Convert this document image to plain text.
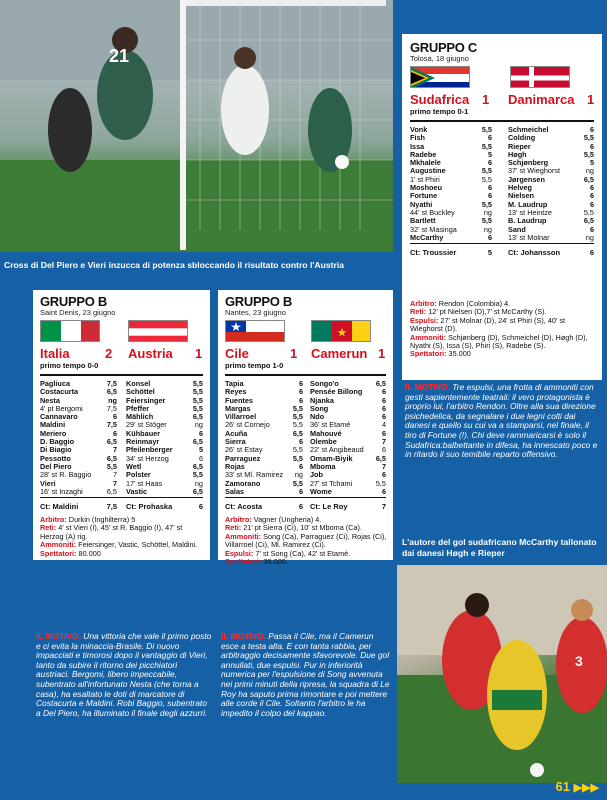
21
Cross di Del Piero e Vieri inzucca di potenza sbloccando il risultato contro l'Austria
GRUPPO C
Tolosa, 18 giugno
Sudafrica 1 Danimarca 1
primo tempo 0-1
Vonk	5,5
Fish	6
Issa	5,5
Radebe	5
Mkhalele	6
Augustine	5,5
1' st Phiri	5,5
Moshoeu	6
Fortune	6
Nyathi	5,5
44' st Buckley	ng
Bartlett	5,5
32' st Masinga	ng
McCarthy	6
Schmeichel	6
Colding	5,5
Rieper	6
Høgh	5,5
Schjønberg	5
37' st Wieghorst	ng
Jørgensen	6,5
Helveg	6
Nielsen	6
M. Laudrup	6
13' st Heintze	5,5
B. Laudrup	6,5
Sand	6
13' st Molnar	ng
Ct: Troussier	5 Ct: Johansson	6
Arbitro: Rendon (Colombia) 4.
Reti: 12' pt Nielsen (D),7' st McCarthy (S).
Espulsi: 27' st Molnar (D), 24' st Phiri (S), 40' st Wieghorst (D).
Ammoniti: Schjønberg (D), Schmeichel (D), Høgh (D), Nyathi (S), Issa (S), Phiri (S), Radebe (S).
Spettatori: 35.000
IL MOTIVO. Tre espulsi, una frotta di ammoniti con gesti sapientemente teatrali: il vero protagonista è proprio lui, l'arbitro Rendon. Oltre alla sua direzione psichedelica, da segnalare i due legni colti dai danesi e quello su cui va a stamparsi, nel finale, il tiro di Fortune (!). Chi deve rammaricarsi è solo il Sudafrica:balbettante in difesa, ha innescato poco e in ritardo il suo temibile reparto offensivo.
GRUPPO B
Saint Denis, 23 giugno
Italia	2 Austria 1
primo tempo 0-0
Pagliuca	7,5
Costacurta	6,5
Nesta	ng
4' pt Bergomi	7,5
Cannavaro	6
Maldini	7,5
Meriero	6
D. Baggio	6,5
Di Biagio	7
Pessotto	6,5
Del Piero	5,5
28' st R. Baggio	7
Vieri	7
16' st Inzaghi	6,5
Konsel	5,5
Schöttel	5,5
Feiersinger	5,5
Pfeffer	5,5
Mählich	6,5
29' st Stöger	ng
Kühbauer	6
Reinmayr	6,5
Pfeilenberger	5
34' st Herzog	6
Wetl	6,5
Polster	5,5
17' st Haas	ng
Vastic	6,5
Ct: Maldini	7,5 Ct: Prohaska	6
Arbitro: Durkin (Inghilterra) 5
Reti: 4' st Vieri (I), 45' st R. Baggio (I), 47' st Herzog (A) rig.
Ammoniti: Feiersinger, Vastic, Schöttel, Maldini.
Spettatori: 80.000
IL MOTIVO. Una vittoria che vale il primo posto e ci evita la minaccia-Brasile. Di nuovo impacciati e timorosi dopo il vantaggio di Vieri, tanto da subire il ritorno dei picchiatori austriaci. Bergomi, libero impeccabile, subentrato all'infortunato Nesta (che torna a casa), ha esaltato le doti di marcatore di Costacurta e Maldini. Robi Baggio, subentrato a Del Piero, ha illuminato il finale degli azzurri.
GRUPPO B
Nantes, 23 giugno
Cile	1 Camerun 1
primo tempo 1-0
Tapia	6
Reyes	6
Fuentes	6
Margas	5,5
Villarroel	5,5
26' st Cornejo	5,5
Acuña	6,5
Sierra	6
26' st Estay	5,5
Parraguez	5,5
Rojas	6
33' st Ml. Ramirez ng
Zamorano	5,5
Salas	6
Songo'o	6,5
Pensée Billong	6
Njanka	6
Song	6
Ndo	6
36' st Etamé	4
Mahouvé	6
Olembe	7
22' st Angibeaud 6
Omam-Biyik	6,5
Mboma	7
Job	6
27' st Tchami	5,5
Wome	6
Ct: Acosta	6 Ct: Le Roy	7
Arbitro: Vagner (Ungheria) 4.
Reti: 21' pt Sierra (Ci), 10' st Mboma (Ca).
Ammoniti: Song (Ca), Parraguez (Ci), Rojas (Ci), Villarroel (Ci), Ml. Ramirez (Ci).
Espulsi: 7' st Song (Ca), 42' st Etamé.
Spettatori: 35.000.
IL MOTIVO. Passa il Cile, ma il Camerun esce a testa alta. E con tanta rabbia, per arbitraggio decisamente sfavorevole. Due gol annullati, due espulsi. Pur in inferiorità numerica per l'espulsione di Song avvenuta nei primi minuti della ripresa, la squadra di Le Roy ha saputo prima rimontare e poi mettere alle corde il Cile. Soltanto l'arbitro le ha impedito il colpo del kappao.
L'autore del gol sudafricano McCarthy tallonato dai danesi Høgh e Rieper
3
61 ▶▶▶
